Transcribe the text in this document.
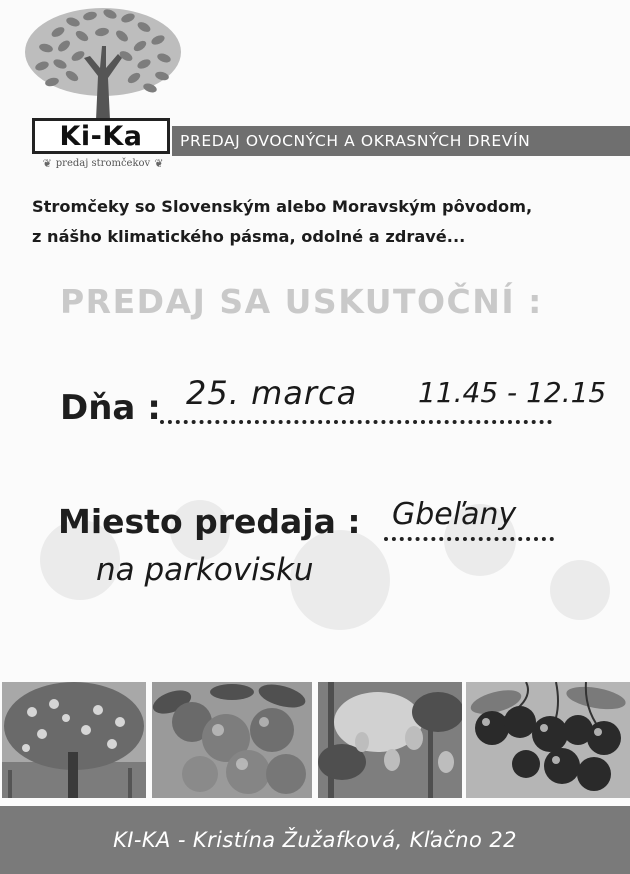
Ki-Ka
❦ predaj stromčekov ❦
PREDAJ OVOCNÝCH A OKRASNÝCH DREVÍN
Stromčeky so Slovenským alebo Moravským pôvodom,
z nášho klimatického pásma, odolné a zdravé...
PREDAJ SA USKUTOČNÍ :
Dňa : 25. marca 11.45 - 12.15
Miesto predaja : Gbeľany
na parkovisku
KI-KA - Kristína Žužafková, Kľačno 22
